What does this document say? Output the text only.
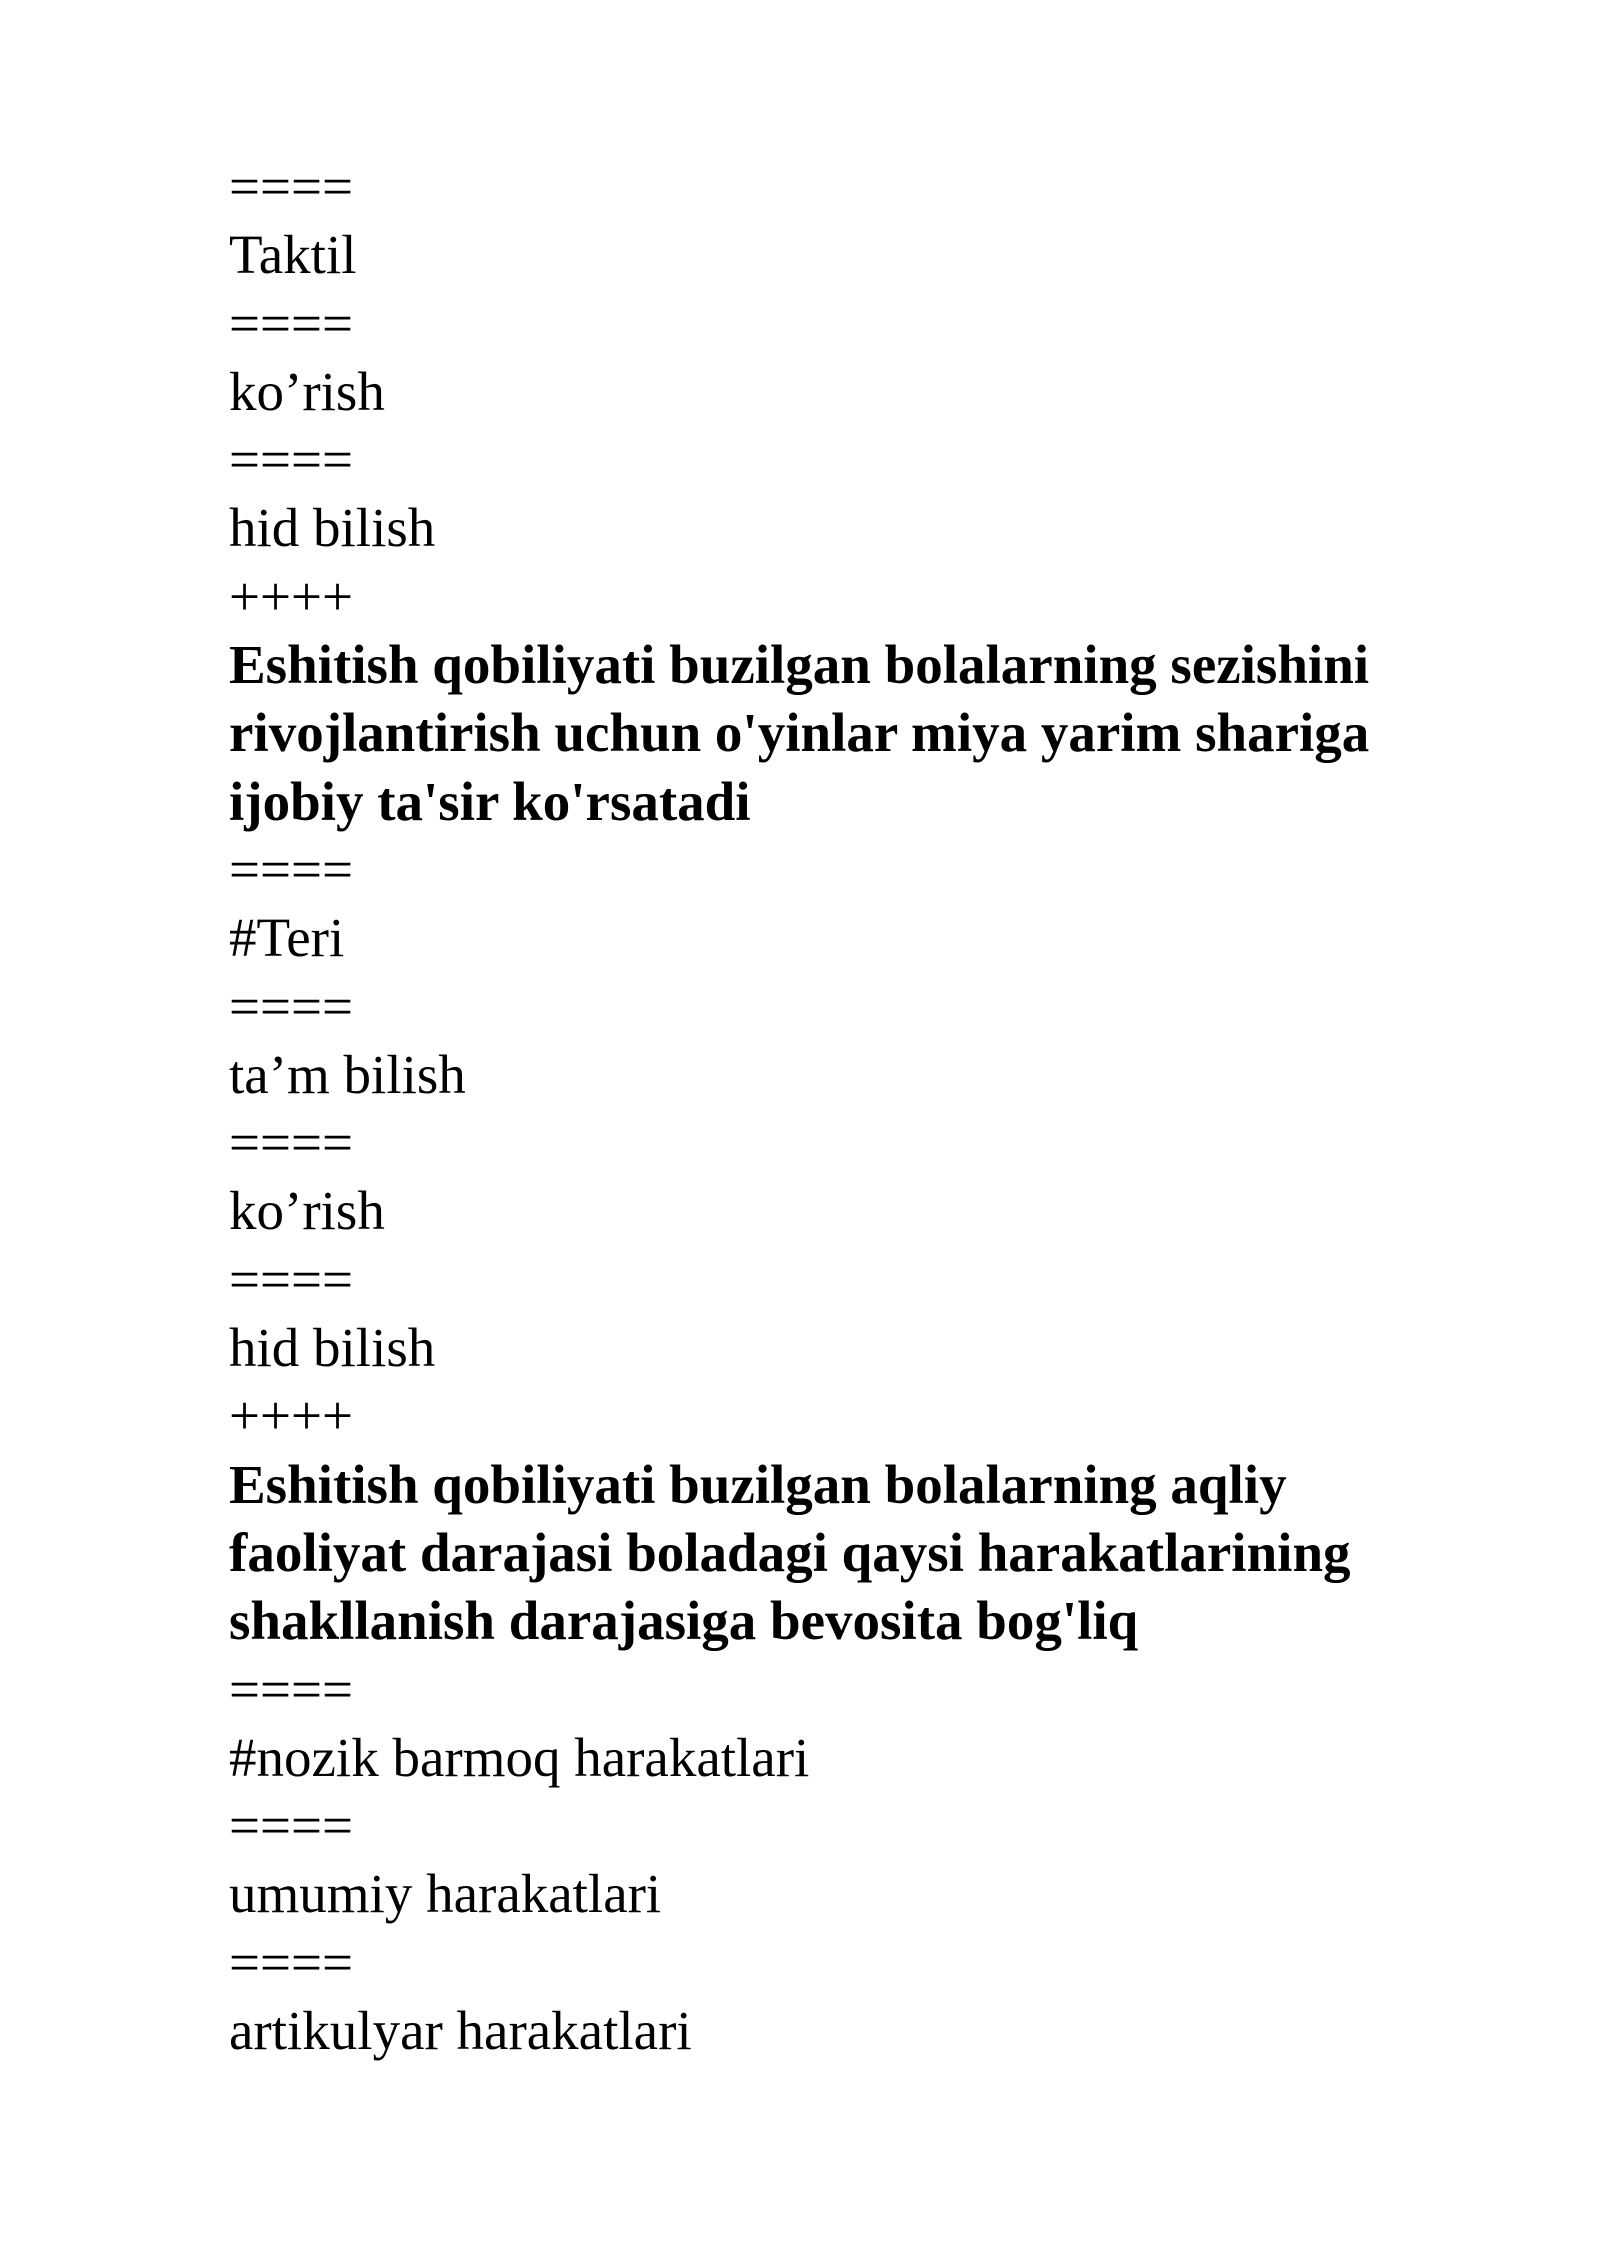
====
Taktil
====
ko’rish
====
hid bilish
++++
Eshitish qobiliyati buzilgan bolalarning sezishini
rivojlantirish uchun o'yinlar miya yarim shariga
ijobiy ta'sir ko'rsatadi
====
#Teri
====
ta’m bilish
====
ko’rish
====
hid bilish
++++
Eshitish qobiliyati buzilgan bolalarning aqliy
faoliyat darajasi boladagi qaysi harakatlarining
shakllanish darajasiga bevosita bog'liq
====
#nozik barmoq harakatlari
====
umumiy harakatlari
====
artikulyar harakatlari
